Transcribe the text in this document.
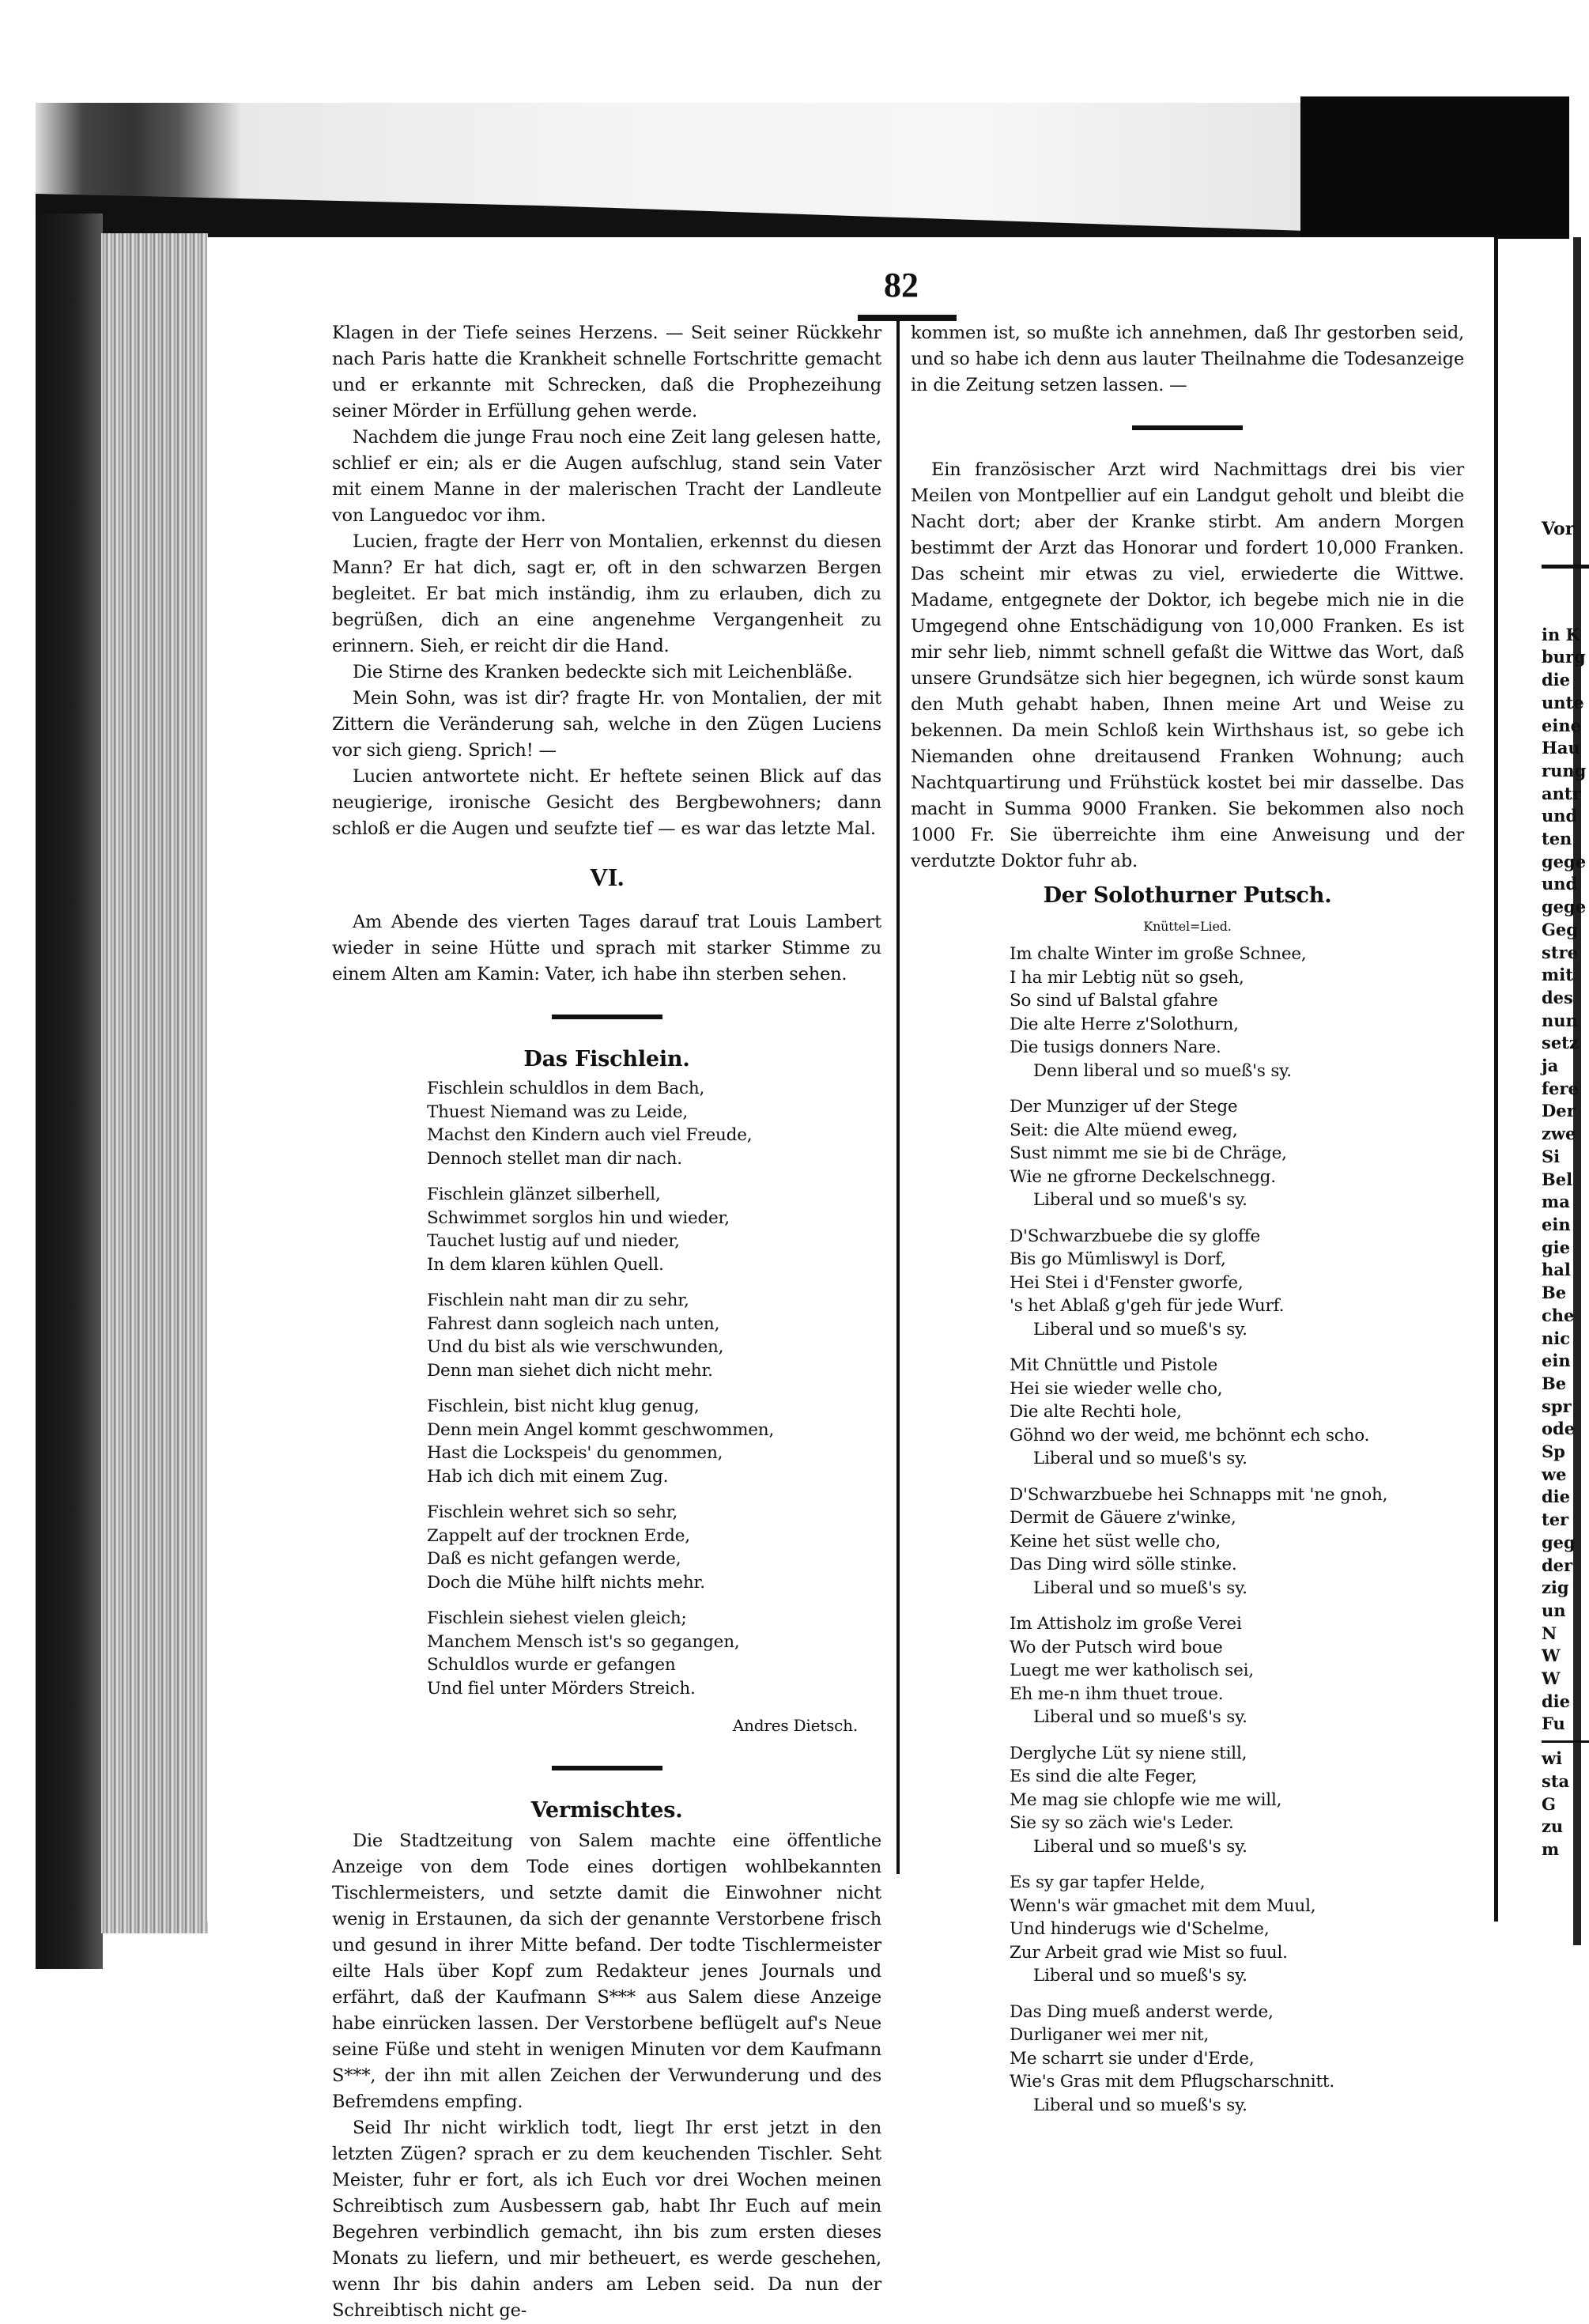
82

Klagen in der Tiefe seines Herzens. — Seit seiner Rückkehr nach Paris hatte die Krankheit schnelle Fortschritte gemacht und er erkannte mit Schrecken, daß die Prophezeihung seiner Mörder in Erfüllung gehen werde.

Nachdem die junge Frau noch eine Zeit lang gelesen hatte, schlief er ein; als er die Augen aufschlug, stand sein Vater mit einem Manne in der malerischen Tracht der Landleute von Languedoc vor ihm.

Lucien, fragte der Herr von Montalien, erkennst du diesen Mann? Er hat dich, sagt er, oft in den schwarzen Bergen begleitet. Er bat mich inständig, ihm zu erlauben, dich zu begrüßen, dich an eine angenehme Vergangenheit zu erinnern. Sieh, er reicht dir die Hand.

Die Stirne des Kranken bedeckte sich mit Leichenbläße.

Mein Sohn, was ist dir? fragte Hr. von Montalien, der mit Zittern die Veränderung sah, welche in den Zügen Luciens vor sich gieng. Sprich! —

Lucien antwortete nicht. Er heftete seinen Blick auf das neugierige, ironische Gesicht des Bergbewohners; dann schloß er die Augen und seufzte tief — es war das letzte Mal.

VI.

Am Abende des vierten Tages darauf trat Louis Lambert wieder in seine Hütte und sprach mit starker Stimme zu einem Alten am Kamin: Vater, ich habe ihn sterben sehen.

Das Fischlein.
Fischlein schuldlos in dem Bach,
Thuest Niemand was zu Leide,
Machst den Kindern auch viel Freude,
Dennoch stellet man dir nach.
Fischlein glänzet silberhell,
Schwimmet sorglos hin und wieder,
Tauchet lustig auf und nieder,
In dem klaren kühlen Quell.
Fischlein naht man dir zu sehr,
Fahrest dann sogleich nach unten,
Und du bist als wie verschwunden,
Denn man siehet dich nicht mehr.
Fischlein, bist nicht klug genug,
Denn mein Angel kommt geschwommen,
Hast die Lockspeis' du genommen,
Hab ich dich mit einem Zug.
Fischlein wehret sich so sehr,
Zappelt auf der trocknen Erde,
Daß es nicht gefangen werde,
Doch die Mühe hilft nichts mehr.
Fischlein siehest vielen gleich;
Manchem Mensch ist's so gegangen,
Schuldlos wurde er gefangen
Und fiel unter Mörders Streich.
Andres Dietsch.
Vermischtes.

Die Stadtzeitung von Salem machte eine öffentliche Anzeige von dem Tode eines dortigen wohlbekannten Tischlermeisters, und setzte damit die Einwohner nicht wenig in Erstaunen, da sich der genannte Verstorbene frisch und gesund in ihrer Mitte befand. Der todte Tischlermeister eilte Hals über Kopf zum Redakteur jenes Journals und erfährt, daß der Kaufmann S*** aus Salem diese Anzeige habe einrücken lassen. Der Verstorbene beflügelt auf's Neue seine Füße und steht in wenigen Minuten vor dem Kaufmann S***, der ihn mit allen Zeichen der Verwunderung und des Befremdens empfing.

Seid Ihr nicht wirklich todt, liegt Ihr erst jetzt in den letzten Zügen? sprach er zu dem keuchenden Tischler. Seht Meister, fuhr er fort, als ich Euch vor drei Wochen meinen Schreibtisch zum Ausbessern gab, habt Ihr Euch auf mein Begehren verbindlich gemacht, ihn bis zum ersten dieses Monats zu liefern, und mir betheuert, es werde geschehen, wenn Ihr bis dahin anders am Leben seid. Da nun der Schreibtisch nicht ge-

kommen ist, so mußte ich annehmen, daß Ihr gestorben seid, und so habe ich denn aus lauter Theilnahme die Todesanzeige in die Zeitung setzen lassen. —

Ein französischer Arzt wird Nachmittags drei bis vier Meilen von Montpellier auf ein Landgut geholt und bleibt die Nacht dort; aber der Kranke stirbt. Am andern Morgen bestimmt der Arzt das Honorar und fordert 10,000 Franken. Das scheint mir etwas zu viel, erwiederte die Wittwe. Madame, entgegnete der Doktor, ich begebe mich nie in die Umgegend ohne Entschädigung von 10,000 Franken. Es ist mir sehr lieb, nimmt schnell gefaßt die Wittwe das Wort, daß unsere Grundsätze sich hier begegnen, ich würde sonst kaum den Muth gehabt haben, Ihnen meine Art und Weise zu bekennen. Da mein Schloß kein Wirthshaus ist, so gebe ich Niemanden ohne dreitausend Franken Wohnung; auch Nachtquartirung und Frühstück kostet bei mir dasselbe. Das macht in Summa 9000 Franken. Sie bekommen also noch 1000 Fr. Sie überreichte ihm eine Anweisung und der verdutzte Doktor fuhr ab.

Der Solothurner Putsch.
Knüttel=Lied.
Im chalte Winter im große Schnee,
I ha mir Lebtig nüt so gseh,
So sind uf Balstal gfahre
Die alte Herre z'Solothurn,
Die tusigs donners Nare.
Denn liberal und so mueß's sy.
Der Munziger uf der Stege
Seit: die Alte müend eweg,
Sust nimmt me sie bi de Chräge,
Wie ne gfrorne Deckelschnegg.
Liberal und so mueß's sy.
D'Schwarzbuebe die sy gloffe
Bis go Mümliswyl is Dorf,
Hei Stei i d'Fenster gworfe,
's het Ablaß g'geh für jede Wurf.
Liberal und so mueß's sy.
Mit Chnüttle und Pistole
Hei sie wieder welle cho,
Die alte Rechti hole,
Göhnd wo der weid, me bchönnt ech scho.
Liberal und so mueß's sy.
D'Schwarzbuebe hei Schnapps mit 'ne gnoh,
Dermit de Gäuere z'winke,
Keine het süst welle cho,
Das Ding wird sölle stinke.
Liberal und so mueß's sy.
Im Attisholz im große Verei
Wo der Putsch wird boue
Luegt me wer katholisch sei,
Eh me-n ihm thuet troue.
Liberal und so mueß's sy.
Derglyche Lüt sy niene still,
Es sind die alte Feger,
Me mag sie chlopfe wie me will,
Sie sy so zäch wie's Leder.
Liberal und so mueß's sy.
Es sy gar tapfer Helde,
Wenn's wär gmachet mit dem Muul,
Und hinderugs wie d'Schelme,
Zur Arbeit grad wie Mist so fuul.
Liberal und so mueß's sy.
Das Ding mueß anderst werde,
Durliganer wei mer nit,
Me scharrt sie under d'Erde,
Wie's Gras mit dem Pflugscharschnitt.
Liberal und so mueß's sy.
Vor
in K
burg
die
unte
eine
Hau
rung
antr
und
ten
gege
und
gege
Geg
stre
mit
des
nun
setz
ja
fere
Der
zwe
Si
Bel
ma
ein
gie
hal
Be
che
nic
ein
Be
spr
ode
Sp
we
die
ter
geg
der
zig
un
N
W
W
die
Fu
wi
sta
G
zu
m
